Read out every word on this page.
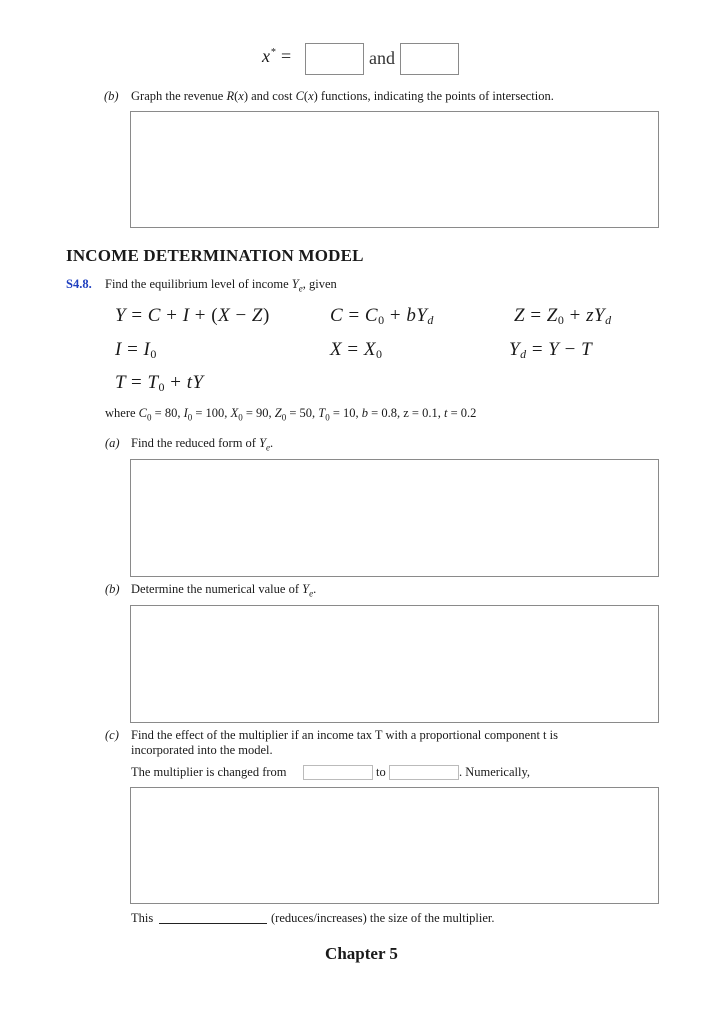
x* =	and
(b) Graph the revenue R(x) and cost C(x) functions, indicating the points of intersection.
INCOME DETERMINATION MODEL
S4.8. Find the equilibrium level of income $Y_e$, given
Y = C + I + (X − Z)	$C = C_0 + bY_d$	$Z = Z_0 + zY_d$
$I = I_0$	$X = X_0$	$Y_d = Y - T$
$T = T_0$ + tY
where $C_0 = 80$, $I_0 = 100$, $X_0 = 90$, $Z_0 = 50$, $T_0 = 10$, b = 0.8, z = 0.1, t = 0.2
(a) Find the reduced form of $Y_e$.
(b) Determine the numerical value of $Y_e$.
(c) Find the effect of the multiplier if an income tax T with a proportional component t is incorporated into the model.
The multiplier is changed from	to	. Numerically,
This	(reduces/increases) the size of the multiplier.
Chapter 5
